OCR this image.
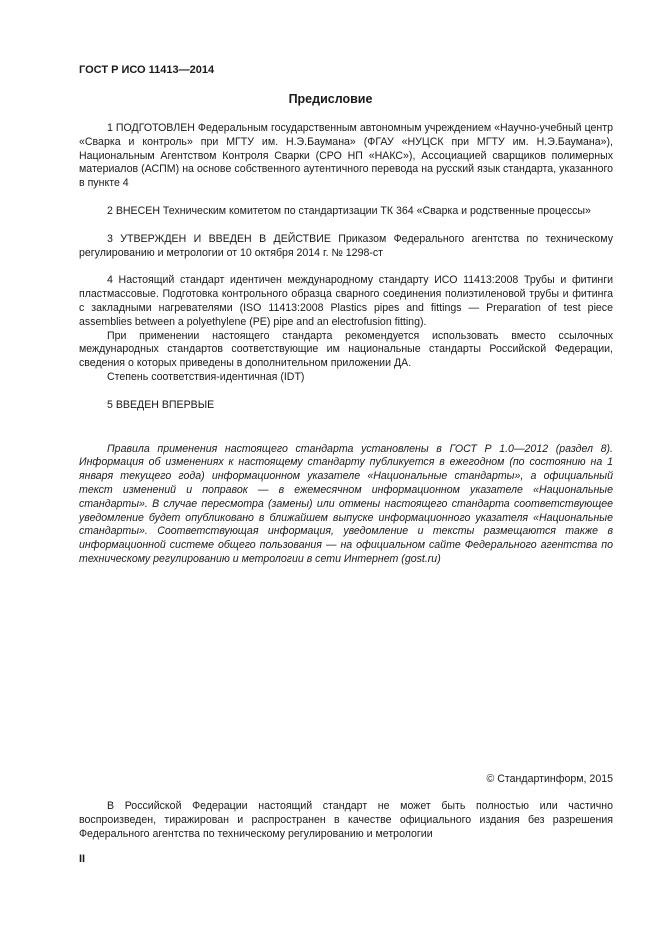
ГОСТ Р ИСО 11413—2014
Предисловие

1 ПОДГОТОВЛЕН Федеральным государственным автономным учреждением «Научно-учебный центр «Сварка и контроль» при МГТУ им. Н.Э.Баумана» (ФГАУ «НУЦСК при МГТУ им. Н.Э.Баумана»), Национальным Агентством Контроля Сварки (СРО НП «НАКС»), Ассоциацией сварщиков полимерных материалов (АСПМ) на основе собственного аутентичного перевода на русский язык стандарта, указанного в пункте 4

2 ВНЕСЕН Техническим комитетом по стандартизации ТК 364 «Сварка и родственные процессы»

3 УТВЕРЖДЕН И ВВЕДЕН В ДЕЙСТВИЕ Приказом Федерального агентства по техническому регулированию и метрологии от 10 октября 2014 г. № 1298-ст

4 Настоящий стандарт идентичен международному стандарту ИСО 11413:2008 Трубы и фитинги пластмассовые. Подготовка контрольного образца сварного соединения полиэтиленовой трубы и фитинга с закладными нагревателями (ISO 11413:2008 Plastics pipes and fittings — Preparation of test piece assemblies between a polyethylene (PE) pipe and an electrofusion fitting).

При применении настоящего стандарта рекомендуется использовать вместо ссылочных международных стандартов соответствующие им национальные стандарты Российской Федерации, сведения о которых приведены в дополнительном приложении ДА.

Степень соответствия-идентичная (IDT)

5 ВВЕДЕН ВПЕРВЫЕ

Правила применения настоящего стандарта установлены в ГОСТ Р 1.0—2012 (раздел 8). Информация об изменениях к настоящему стандарту публикуется в ежегодном (по состоянию на 1 января текущего года) информационном указателе «Национальные стандарты», а официальный текст изменений и поправок — в ежемесячном информационном указателе «Национальные стандарты». В случае пересмотра (замены) или отмены настоящего стандарта соответствующее уведомление будет опубликовано в ближайшем выпуске информационного указателя «Национальные стандарты». Соответствующая информация, уведомление и тексты размещаются также в информационной системе общего пользования — на официальном сайте Федерального агентства по техническому регулированию и метрологии в сети Интернет (gost.ru)

© Стандартинформ, 2015

В Российской Федерации настоящий стандарт не может быть полностью или частично воспроизведен, тиражирован и распространен в качестве официального издания без разрешения Федерального агентства по техническому регулированию и метрологии

II
